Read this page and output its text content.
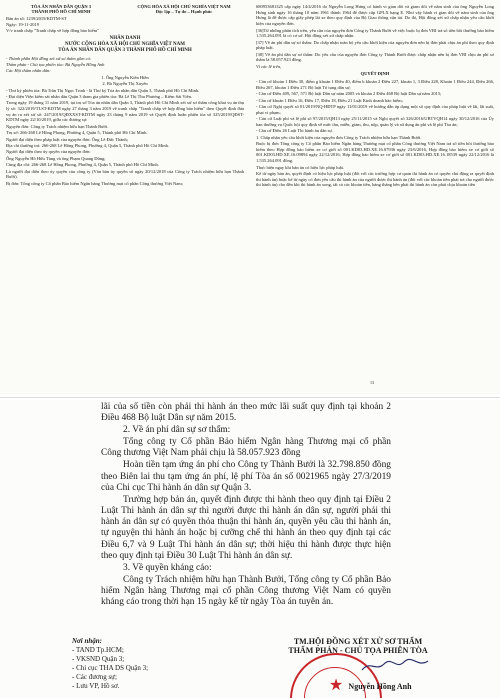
TÒA ÁN NHÂN DÂN QUẬN 3
THÀNH PHỐ HỒ CHÍ MINH
Bản án số: 1239/2019/KDTM-ST
Ngày: 19-11-2019
V/v tranh chấp "Tranh chấp về hợp đồng bảo hiểm"
CỘNG HÒA XÃ HỘI CHỦ NGHĨA VIỆT NAM
Độc lập – Tự do – Hạnh phúc
NHÂN DANH
NƯỚC CỘNG HÒA XÃ HỘI CHỦ NGHĨA VIỆT NAM
TÒA ÁN NHÂN DÂN QUẬN 3 THÀNH PHỐ HỒ CHÍ MINH

- Thành phần Hội đồng xét xử sơ thẩm gồm có:

Thẩm phán - Chủ tọa phiên tòa: Bà Nguyễn Hồng Anh

Các Hội thẩm nhân dân:

1. Ông Nguyễn Kiên Hiền

2. Bà Nguyễn Thị Xuyến

- Thư ký phiên tòa: Bà Trần Thị Ngọc Trinh - là Thư ký Tòa án nhân dân Quận 3, Thành phố Hồ Chí Minh.

- Đại diện Viện kiểm sát nhân dân Quận 3 tham gia phiên tòa: Bà Lê Thị Thu Phương – Kiểm Sát Viên.

Trong ngày 19 tháng 11 năm 2019, tại trụ sở Tòa án nhân dân Quận 3, Thành phố Hồ Chí Minh xét xử sơ thẩm công khai vụ án thụ lý số: 322/2019/TLST-KDTM ngày 27 tháng 3 năm 2019 về tranh chấp "Tranh chấp về hợp đồng bảo hiểm" theo Quyết định đưa vụ án ra xét xử số: 247/2019/QĐXXST-KDTM ngày 23 tháng 9 năm 2019 và Quyết định hoãn phiên tòa số 325/2019/QĐST-KDTM ngày 22/10/2019, giữa các đương sự:

Nguyên đơn: Công ty Trách nhiệm hữu hạn Thành Bưởi.

Trụ sở: 266-268 Lê Hồng Phong, Phường 4, Quận 5, Thành phố Hồ Chí Minh.

Người đại diện theo pháp luật của nguyên đơn: Ông Lê Đức Thành;

Địa chỉ thường trú: 266-268 Lê Hồng Phong, Phường 4, Quận 5, Thành phố Hồ Chí Minh.

Người đại diện theo ủy quyền của nguyên đơn:

Ông Nguyễn Hồ Hữu Tùng và ông Phạm Quang Dũng;

Cùng địa chỉ: 266-268 Lê Hồng Phong, Phường 4, Quận 5, Thành phố Hồ Chí Minh.

Là người đại diện theo ủy quyền của công ty (Văn bản ủy quyền số ngày 20/12/2018 của Công ty Trách nhiệm hữu hạn Thành Bưởi).

Bị đơn: Tổng công ty Cổ phần Bảo hiểm Ngân hàng Thương mại cổ phần Công thương Việt Nam;

680953681325 cấp ngày 14/4/2016 do Nguyễn Long Hưng có hành vi gian dối và giam dối về năm sinh của ông Nguyễn Long Hưng sinh ngày 16 tháng 10 năm 1961 thành 1964 để được cấp GPLX hạng E. Như vậy hành vi gian dối về năm sinh của ông Hưng là để được cấp giấy phép lái xe theo quy định của Bộ Giao thông vận tải. Do đó, Hội đồng xét xử chấp nhận yêu cầu khởi kiện của nguyên đơn.

[36]Từ những phân tích trên, yêu cầu của nguyên đơn Công ty Thành Bưởi về việc buộc bị đơn VBI trả số tiền bồi thường bảo hiểm 1.535.264.091 là có cơ sở. Hội đồng xét xử chấp nhận.

[37] Về án phí dân sự sơ thẩm: Do chấp nhận toàn bộ yêu cầu khởi kiện của nguyên đơn nên bị đơn phải chịu án phí theo quy định pháp luật.

[38] Về án phí dân sự sơ thẩm: Do yêu cầu của nguyên đơn Công ty Thành Bưởi được chấp nhận nên bị đơn VBI chịu án phí sơ thẩm là 58.057.923 đồng.

Vì các lẽ trên,

QUYẾT ĐỊNH

- Căn cứ khoản 1 Điều 30, điểm g khoản 1 Điều 40, điểm b khoản 2 Điều 227, khoản 1, 3 Điều 228, Khoản 1 Điều 244, Điều 266, Điều 267, khoản 1 Điều 271 Bộ luật Tố tụng dân sự;

- Căn cứ Điều 409, 567, 571 Bộ luật Dân sự năm 2005 và khoản 2 Điều 468 Bộ luật Dân sự năm 2015;

- Căn cứ khoản 1 Điều 16, Điều 17, Điều 18, Điều 21 Luật Kinh doanh bảo hiểm;

- Căn cứ Nghị quyết số 01/2019/NQ-HĐTP ngày 11/01/2019 về hướng dẫn áp dụng một số quy định của pháp luật về lãi, lãi suất, phạt vi phạm;

- Căn cứ Luật phí và lệ phí số 97/2015/QH13 ngày 25/11/2015 và Nghị quyết số 326/2016/UBTVQH14 ngày 30/12/2016 của Ủy ban thường vụ Quốc hội quy định về mức thu, miễn, giảm, thu, nộp, quản lý và sử dụng án phí và lệ phí Tòa án;

- Căn cứ Điều 26 Luật Thi hành án dân sự.

1. Chấp nhận yêu cầu khởi kiện của nguyên đơn Công ty Trách nhiệm hữu hạn Thành Bưởi.

Buộc bị đơn Tổng công ty Cổ phần Bảo hiểm Ngân hàng Thương mại cổ phần Công thương Việt Nam trả số tiền bồi thường bảo hiểm theo Hợp đồng bảo hiểm xe cơ giới số 001.KD03.HD.XE.16.07936 ngày 23/6/2016, Hợp đồng bảo hiểm xe cơ giới số 001.KD03.HD.XE.16.09894 ngày 22/12/2016; Hợp đồng bảo hiểm xe cơ giới số 001.KD03.HD.XE.16.18539 ngày 22/12/2016 là 1.535.264.091 đồng.

Thực hiện ngay khi bản án có hiệu lực pháp luật.

Kể từ ngày bản án, quyết định có hiệu lực pháp luật (đối với các trường hợp cơ quan thi hành án có quyền chủ động ra quyết định thi hành án) hoặc kể từ ngày có đơn yêu cầu thi hành án của người được thi hành án (đối với các khoản tiền phải trả cho người được thi hành án) cho đến khi thi hành án xong, tất cả các khoản tiền, hàng tháng bên phải thi hành án còn phải chịu khoản tiền

13

lãi của số tiền còn phải thi hành án theo mức lãi suất quy định tại khoản 2 Điều 468 Bộ luật Dân sự năm 2015.

2. Về án phí dân sự sơ thẩm:

Tổng công ty Cổ phần Bảo hiểm Ngân hàng Thương mại cổ phần Công thương Việt Nam phải chịu là 58.057.923 đồng

Hoàn tiền tạm ứng án phí cho Công ty Thành Bưởi là 32.798.850 đồng theo Biên lai thu tạm ứng án phí, lệ phí Tòa án số 0021965 ngày 27/3/2019 của Chi cục Thi hành án dân sự Quận 3.

Trường hợp bản án, quyết định được thi hành theo quy định tại Điều 2 Luật Thi hành án dân sự thì người được thi hành án dân sự, người phải thi hành án dân sự có quyền thỏa thuận thi hành án, quyền yêu cầu thi hành án, tự nguyện thi hành án hoặc bị cưỡng chế thi hành án theo quy định tại các Điều 6,7 và 9 Luật Thi hành án dân sự; thời hiệu thi hành được thực hiện theo quy định tại Điều 30 Luật Thi hành án dân sự.

3. Về quyền kháng cáo:

Công ty Trách nhiệm hữu hạn Thành Bưởi, Tổng công ty Cổ phần Bảo hiểm Ngân hàng Thương mại cổ phần Công thương Việt Nam có quyền kháng cáo trong thời hạn 15 ngày kể từ ngày Tòa án tuyên án.

Nơi nhận:
- TAND Tp.HCM;
- VKSND Quận 3;
- Chi cục THA DS Quận 3;
- Các đương sự;
- Lưu VP, Hồ sơ.
TM.HỘI ĐỒNG XÉT XỬ SƠ THẨM
THẨM PHÁN - CHỦ TỌA PHIÊN TÒA
★ Nguyễn Hồng Anh
